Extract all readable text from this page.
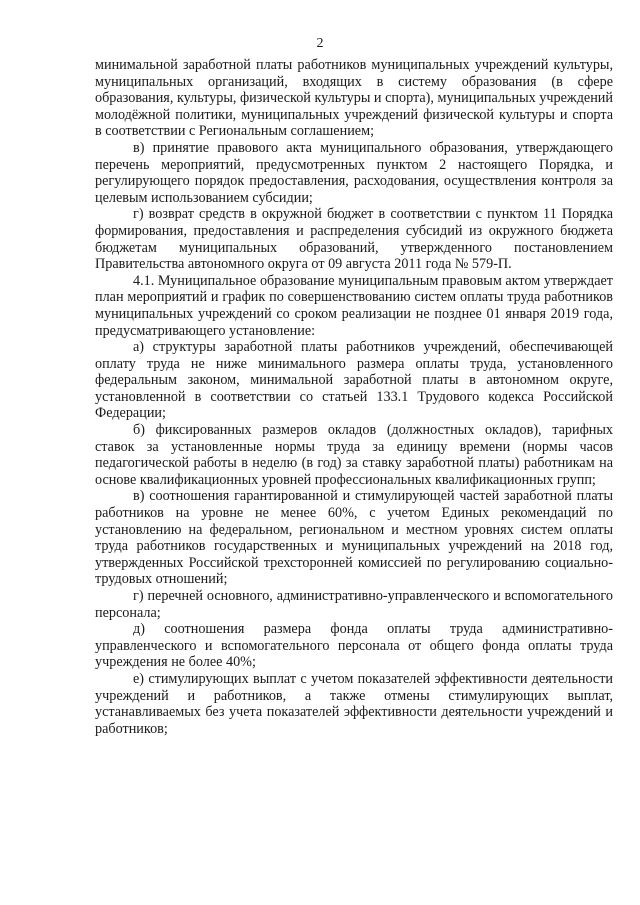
2

минимальной заработной платы работников муниципальных учреждений культуры, муниципальных организаций, входящих в систему образования (в сфере образования, культуры, физической культуры и спорта), муниципальных учреждений молодёжной политики, муниципальных учреждений физической культуры и спорта в соответствии с Региональным соглашением;

в) принятие правового акта муниципального образования, утверждающего перечень мероприятий, предусмотренных пунктом 2 настоящего Порядка, и регулирующего порядок предоставления, расходования, осуществления контроля за целевым использованием субсидии;

г) возврат средств в окружной бюджет в соответствии с пунктом 11 Порядка формирования, предоставления и распределения субсидий из окружного бюджета бюджетам муниципальных образований, утвержденного постановлением Правительства автономного округа от 09 августа 2011 года № 579-П.

4.1. Муниципальное образование муниципальным правовым актом утверждает план мероприятий и график по совершенствованию систем оплаты труда работников муниципальных учреждений со сроком реализации не позднее 01 января 2019 года, предусматривающего установление:

а) структуры заработной платы работников учреждений, обеспечивающей оплату труда не ниже минимального размера оплаты труда, установленного федеральным законом, минимальной заработной платы в автономном округе, установленной в соответствии со статьей 133.1 Трудового кодекса Российской Федерации;

б) фиксированных размеров окладов (должностных окладов), тарифных ставок за установленные нормы труда за единицу времени (нормы часов педагогической работы в неделю (в год) за ставку заработной платы) работникам на основе квалификационных уровней профессиональных квалификационных групп;

в) соотношения гарантированной и стимулирующей частей заработной платы работников на уровне не менее 60%, с учетом Единых рекомендаций по установлению на федеральном, региональном и местном уровнях систем оплаты труда работников государственных и муниципальных учреждений на 2018 год, утвержденных Российской трехсторонней комиссией по регулированию социально-трудовых отношений;

г) перечней основного, административно-управленческого и вспомогательного персонала;

д) соотношения размера фонда оплаты труда административно-управленческого и вспомогательного персонала от общего фонда оплаты труда учреждения не более 40%;

е) стимулирующих выплат с учетом показателей эффективности деятельности учреждений и работников, а также отмены стимулирующих выплат, устанавливаемых без учета показателей эффективности деятельности учреждений и работников;
